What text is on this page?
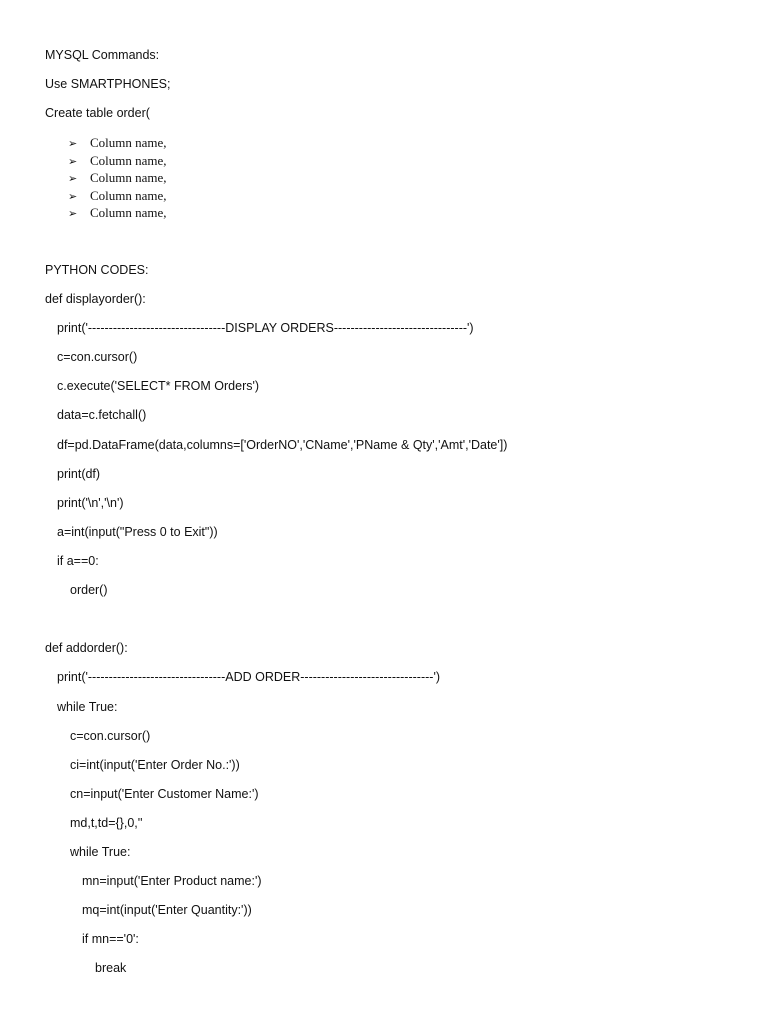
MYSQL Commands:
Use SMARTPHONES;
Create table order(
➢ Column name,
➢ Column name,
➢ Column name,
➢ Column name,
➢ Column name,
PYTHON CODES:
def displayorder():
print('---------------------------------DISPLAY ORDERS--------------------------------')
c=con.cursor()
c.execute('SELECT* FROM Orders')
data=c.fetchall()
df=pd.DataFrame(data,columns=['OrderNO','CName','PName & Qty','Amt','Date'])
print(df)
print('\n','\n')
a=int(input("Press 0 to Exit"))
if a==0:
order()
def addorder():
print('---------------------------------ADD ORDER--------------------------------')
while True:
c=con.cursor()
ci=int(input('Enter Order No.:'))
cn=input('Enter Customer Name:')
md,t,td={},0,''
while True:
mn=input('Enter Product name:')
mq=int(input('Enter Quantity:'))
if mn=='0':
break
